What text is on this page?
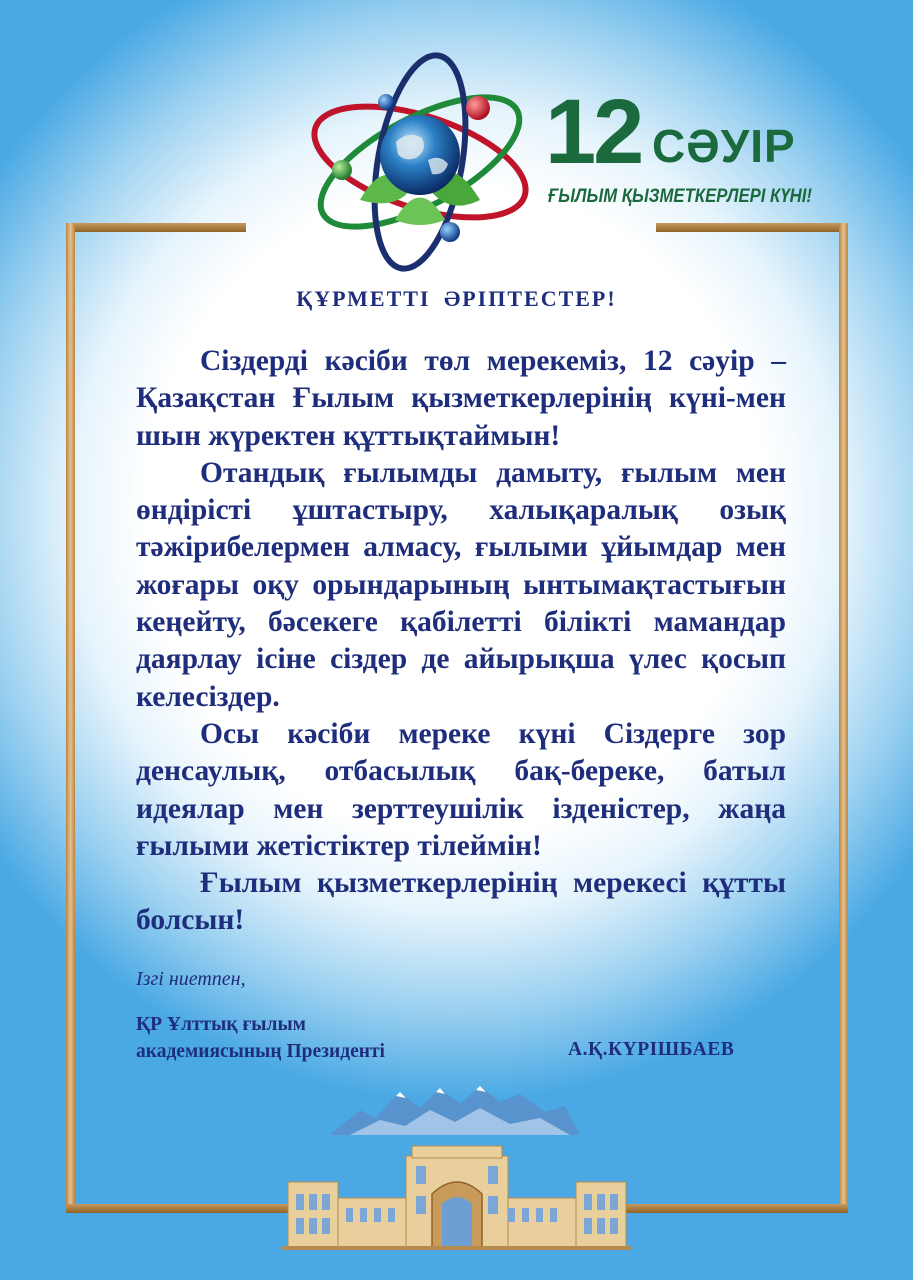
12 СӘУІР
ҒЫЛЫМ ҚЫЗМЕТКЕРЛЕРІ КҮНІ!
ҚҰРМЕТТІ ӘРІПТЕСТЕР!

Сіздерді кәсіби төл мерекеміз, 12 сәуір – Қазақстан Ғылым қызметкерлерінің күні-мен шын жүректен құттықтаймын!

Отандық ғылымды дамыту, ғылым мен өндірісті ұштастыру, халықаралық озық тәжірибелермен алмасу, ғылыми ұйымдар мен жоғары оқу орындарының ынтымақтастығын кеңейту, бәсекеге қабілетті білікті мамандар даярлау ісіне сіздер де айырықша үлес қосып келесіздер.

Осы кәсіби мереке күні Сіздерге зор денсаулық, отбасылық бақ-береке, батыл идеялар мен зерттеушілік ізденістер, жаңа ғылыми жетістіктер тілеймін!

Ғылым қызметкерлерінің мерекесі құтты болсын!

Ізгі ниетпен,
ҚР Ұлттық ғылым
академиясының Президенті	А.Қ.КҮРІШБАЕВ
